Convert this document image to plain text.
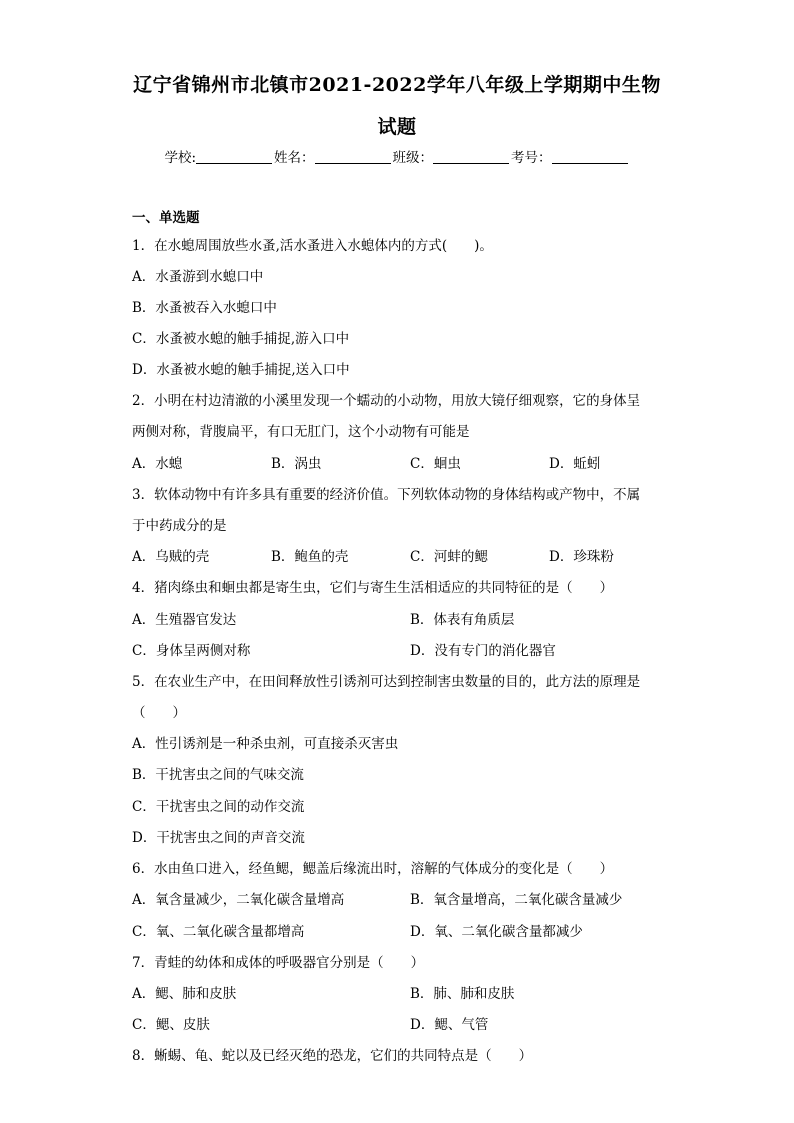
辽宁省锦州市北镇市2021-2022学年八年级上学期期中生物
试题
学校:	姓名：	班级：	考号：
一、单选题
1．在水螅周围放些水蚤,活水蚤进入水螅体内的方式(　　)。
A．水蚤游到水螅口中
B．水蚤被吞入水螅口中
C．水蚤被水螅的触手捕捉,游入口中
D．水蚤被水螅的触手捕捉,送入口中
2．小明在村边清澈的小溪里发现一个蠕动的小动物，用放大镜仔细观察，它的身体呈
两侧对称，背腹扁平，有口无肛门，这个小动物有可能是
A．水螅	B．涡虫	C．蛔虫	D．蚯蚓
3．软体动物中有许多具有重要的经济价值。下列软体动物的身体结构或产物中，不属
于中药成分的是
A．乌贼的壳	B．鲍鱼的壳	C．河蚌的鳃	D．珍珠粉
4．猪肉绦虫和蛔虫都是寄生虫，它们与寄生生活相适应的共同特征的是（　　）
A．生殖器官发达	B．体表有角质层
C．身体呈两侧对称	D．没有专门的消化器官
5．在农业生产中，在田间释放性引诱剂可达到控制害虫数量的目的，此方法的原理是
（　　）
A．性引诱剂是一种杀虫剂，可直接杀灭害虫
B．干扰害虫之间的气味交流
C．干扰害虫之间的动作交流
D．干扰害虫之间的声音交流
6．水由鱼口进入，经鱼鳃，鳃盖后缘流出时，溶解的气体成分的变化是（　　）
A．氧含量减少，二氧化碳含量增高	B．氧含量增高，二氧化碳含量减少
C．氧、二氧化碳含量都增高	D．氧、二氧化碳含量都减少
7．青蛙的幼体和成体的呼吸器官分别是（　　）
A．鳃、肺和皮肤	B．肺、肺和皮肤
C．鳃、皮肤	D．鳃、气管
8．蜥蜴、龟、蛇以及已经灭绝的恐龙，它们的共同特点是（　　）
